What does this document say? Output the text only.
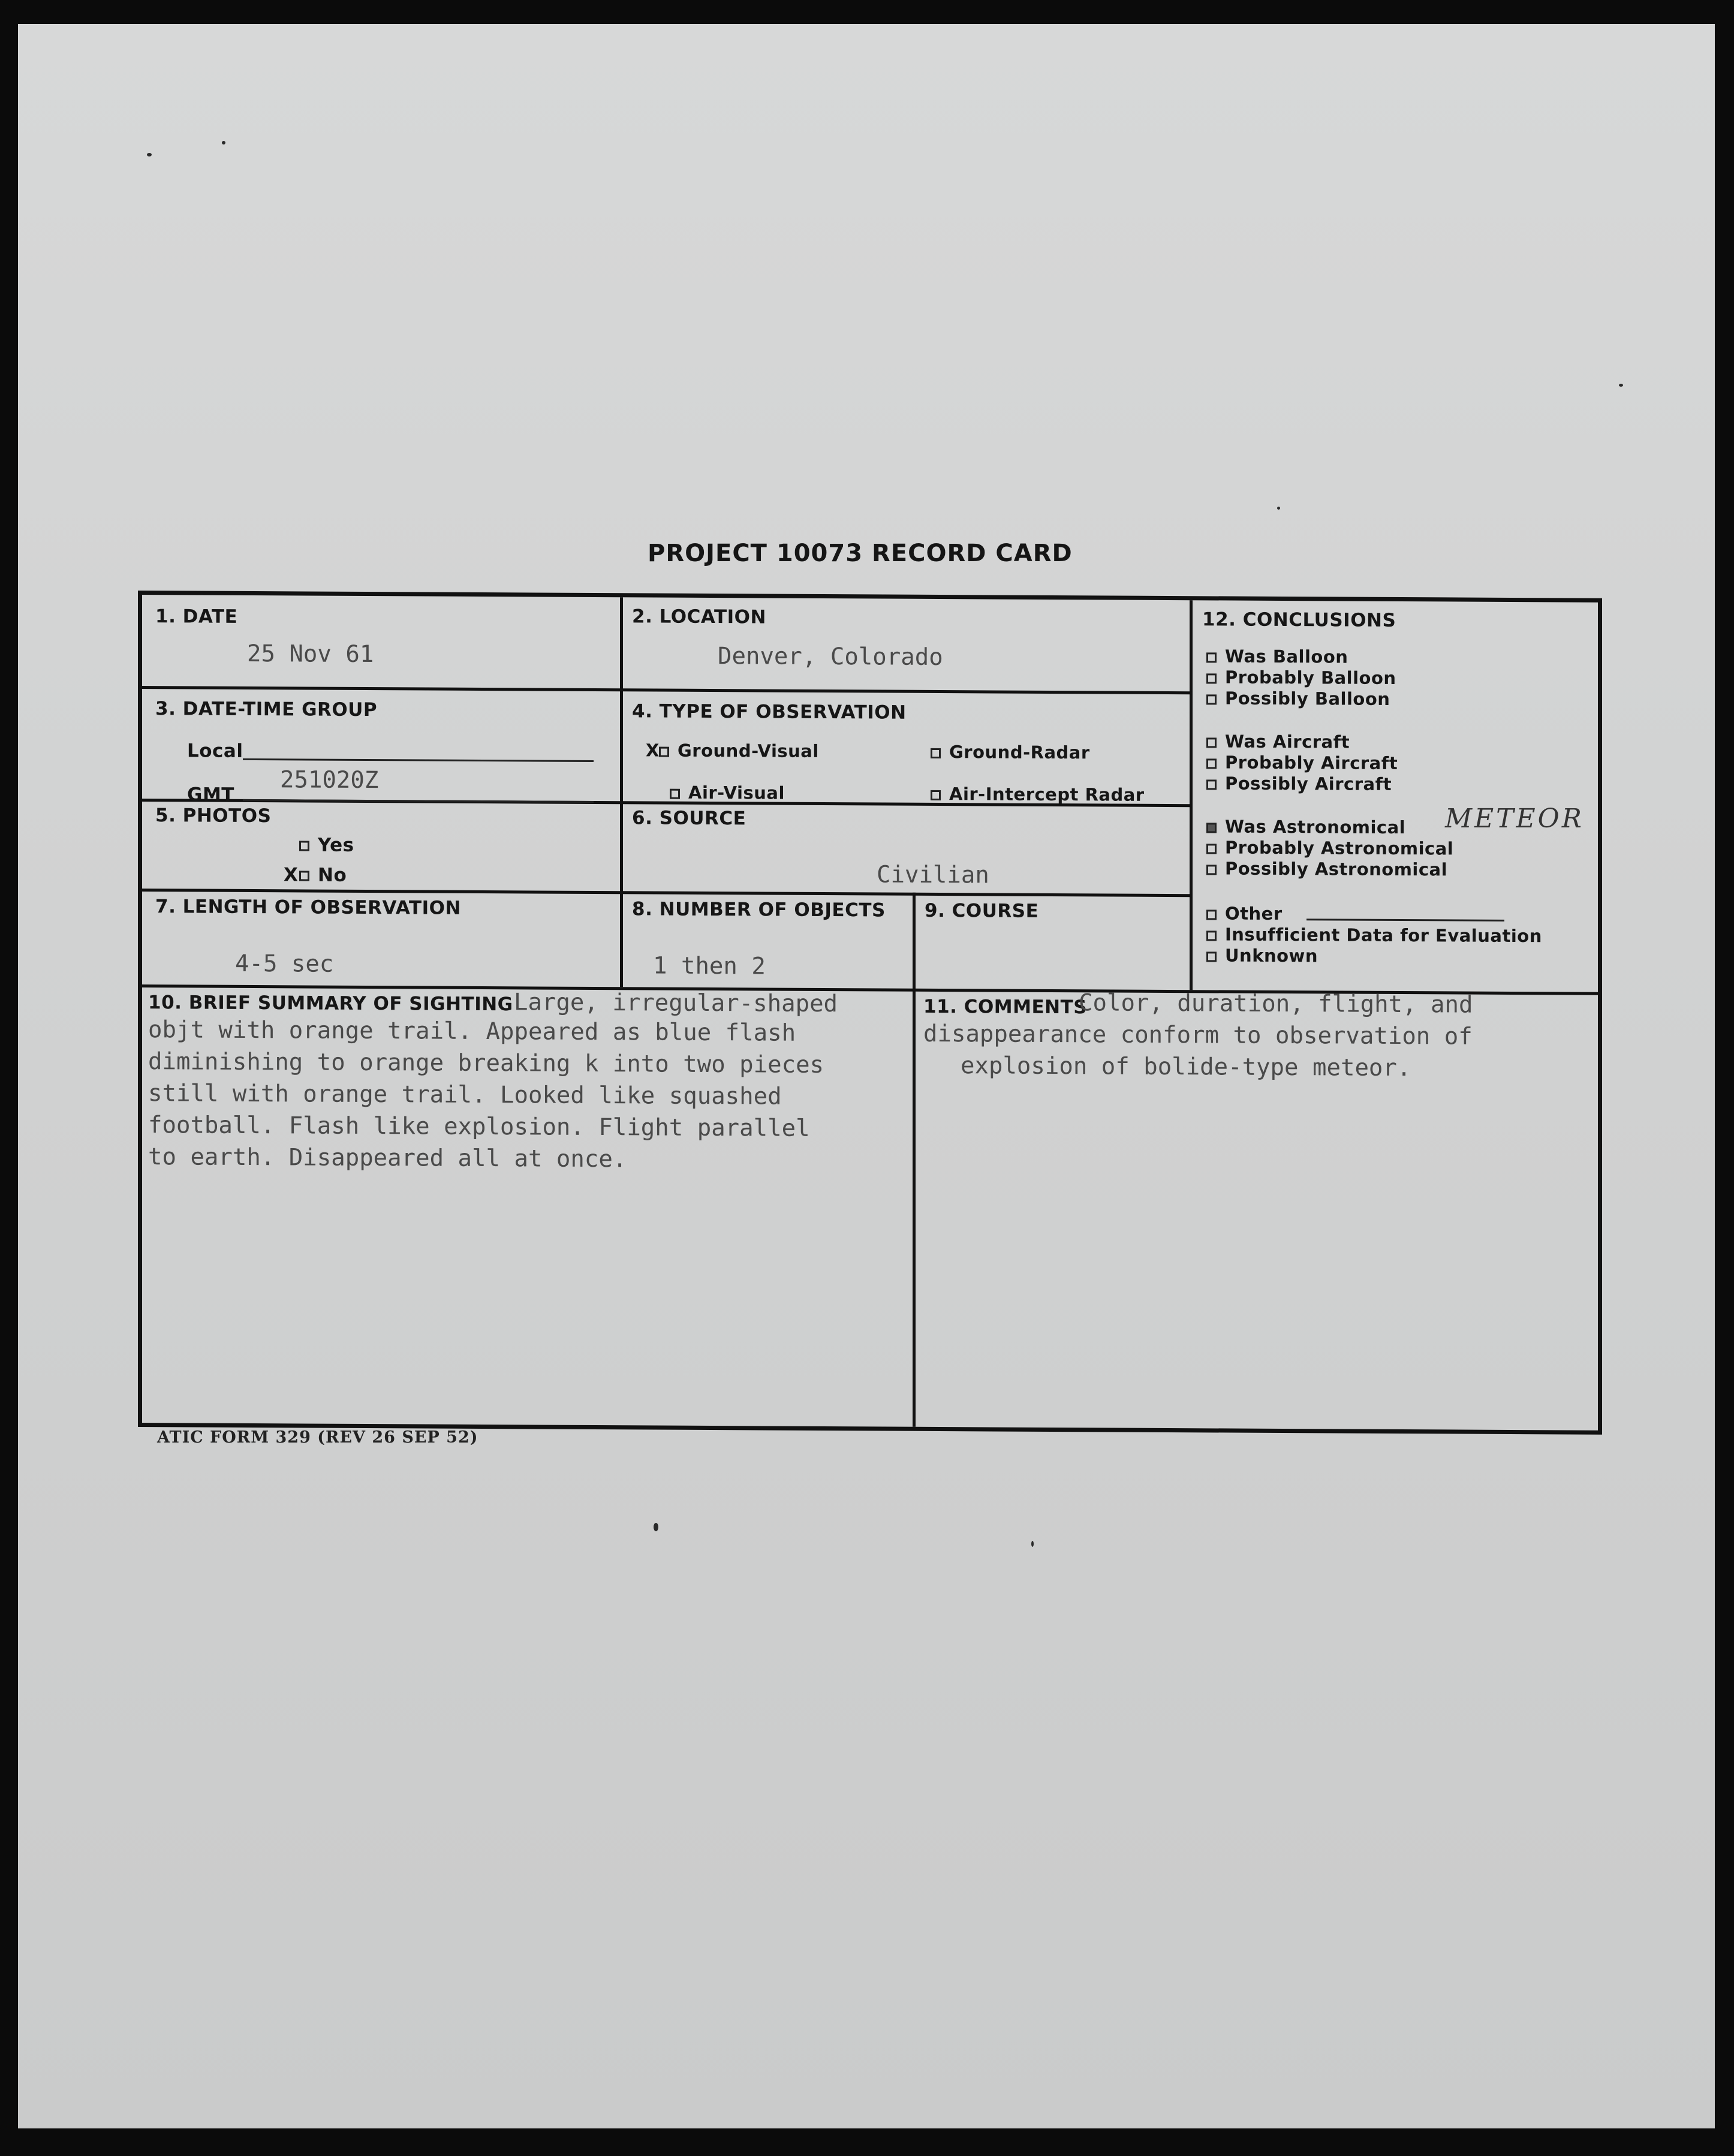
PROJECT 10073 RECORD CARD
1. DATE
25 Nov 61
2. LOCATION
Denver, Colorado
3. DATE-TIME GROUP
Local
GMT
251020Z
4. TYPE OF OBSERVATION
X Ground-Visual	Ground-Radar
Air-Visual	Air-Intercept Radar
5. PHOTOS
Yes
X No
6. SOURCE
Civilian
7. LENGTH OF OBSERVATION
4-5 sec
8. NUMBER OF OBJECTS
1 then 2
9. COURSE
12. CONCLUSIONS
Was Balloon
Probably Balloon
Possibly Balloon
Was Aircraft
Probably Aircraft
Possibly Aircraft
Was Astronomical
Probably Astronomical
Possibly Astronomical
Other
Insufficient Data for Evaluation
Unknown
10. BRIEF SUMMARY OF SIGHTING Large, irregular-shaped
objt with orange trail. Appeared as blue flash
diminishing to orange breaking k into two pieces
still with orange trail. Looked like squashed
football. Flash like explosion. Flight parallel
to earth. Disappeared all at once.
11. COMMENTS
Color, duration, flight, and
disappearance conform to observation of
explosion of bolide-type meteor.
METEOR
ATIC FORM 329 (REV 26 SEP 52)
